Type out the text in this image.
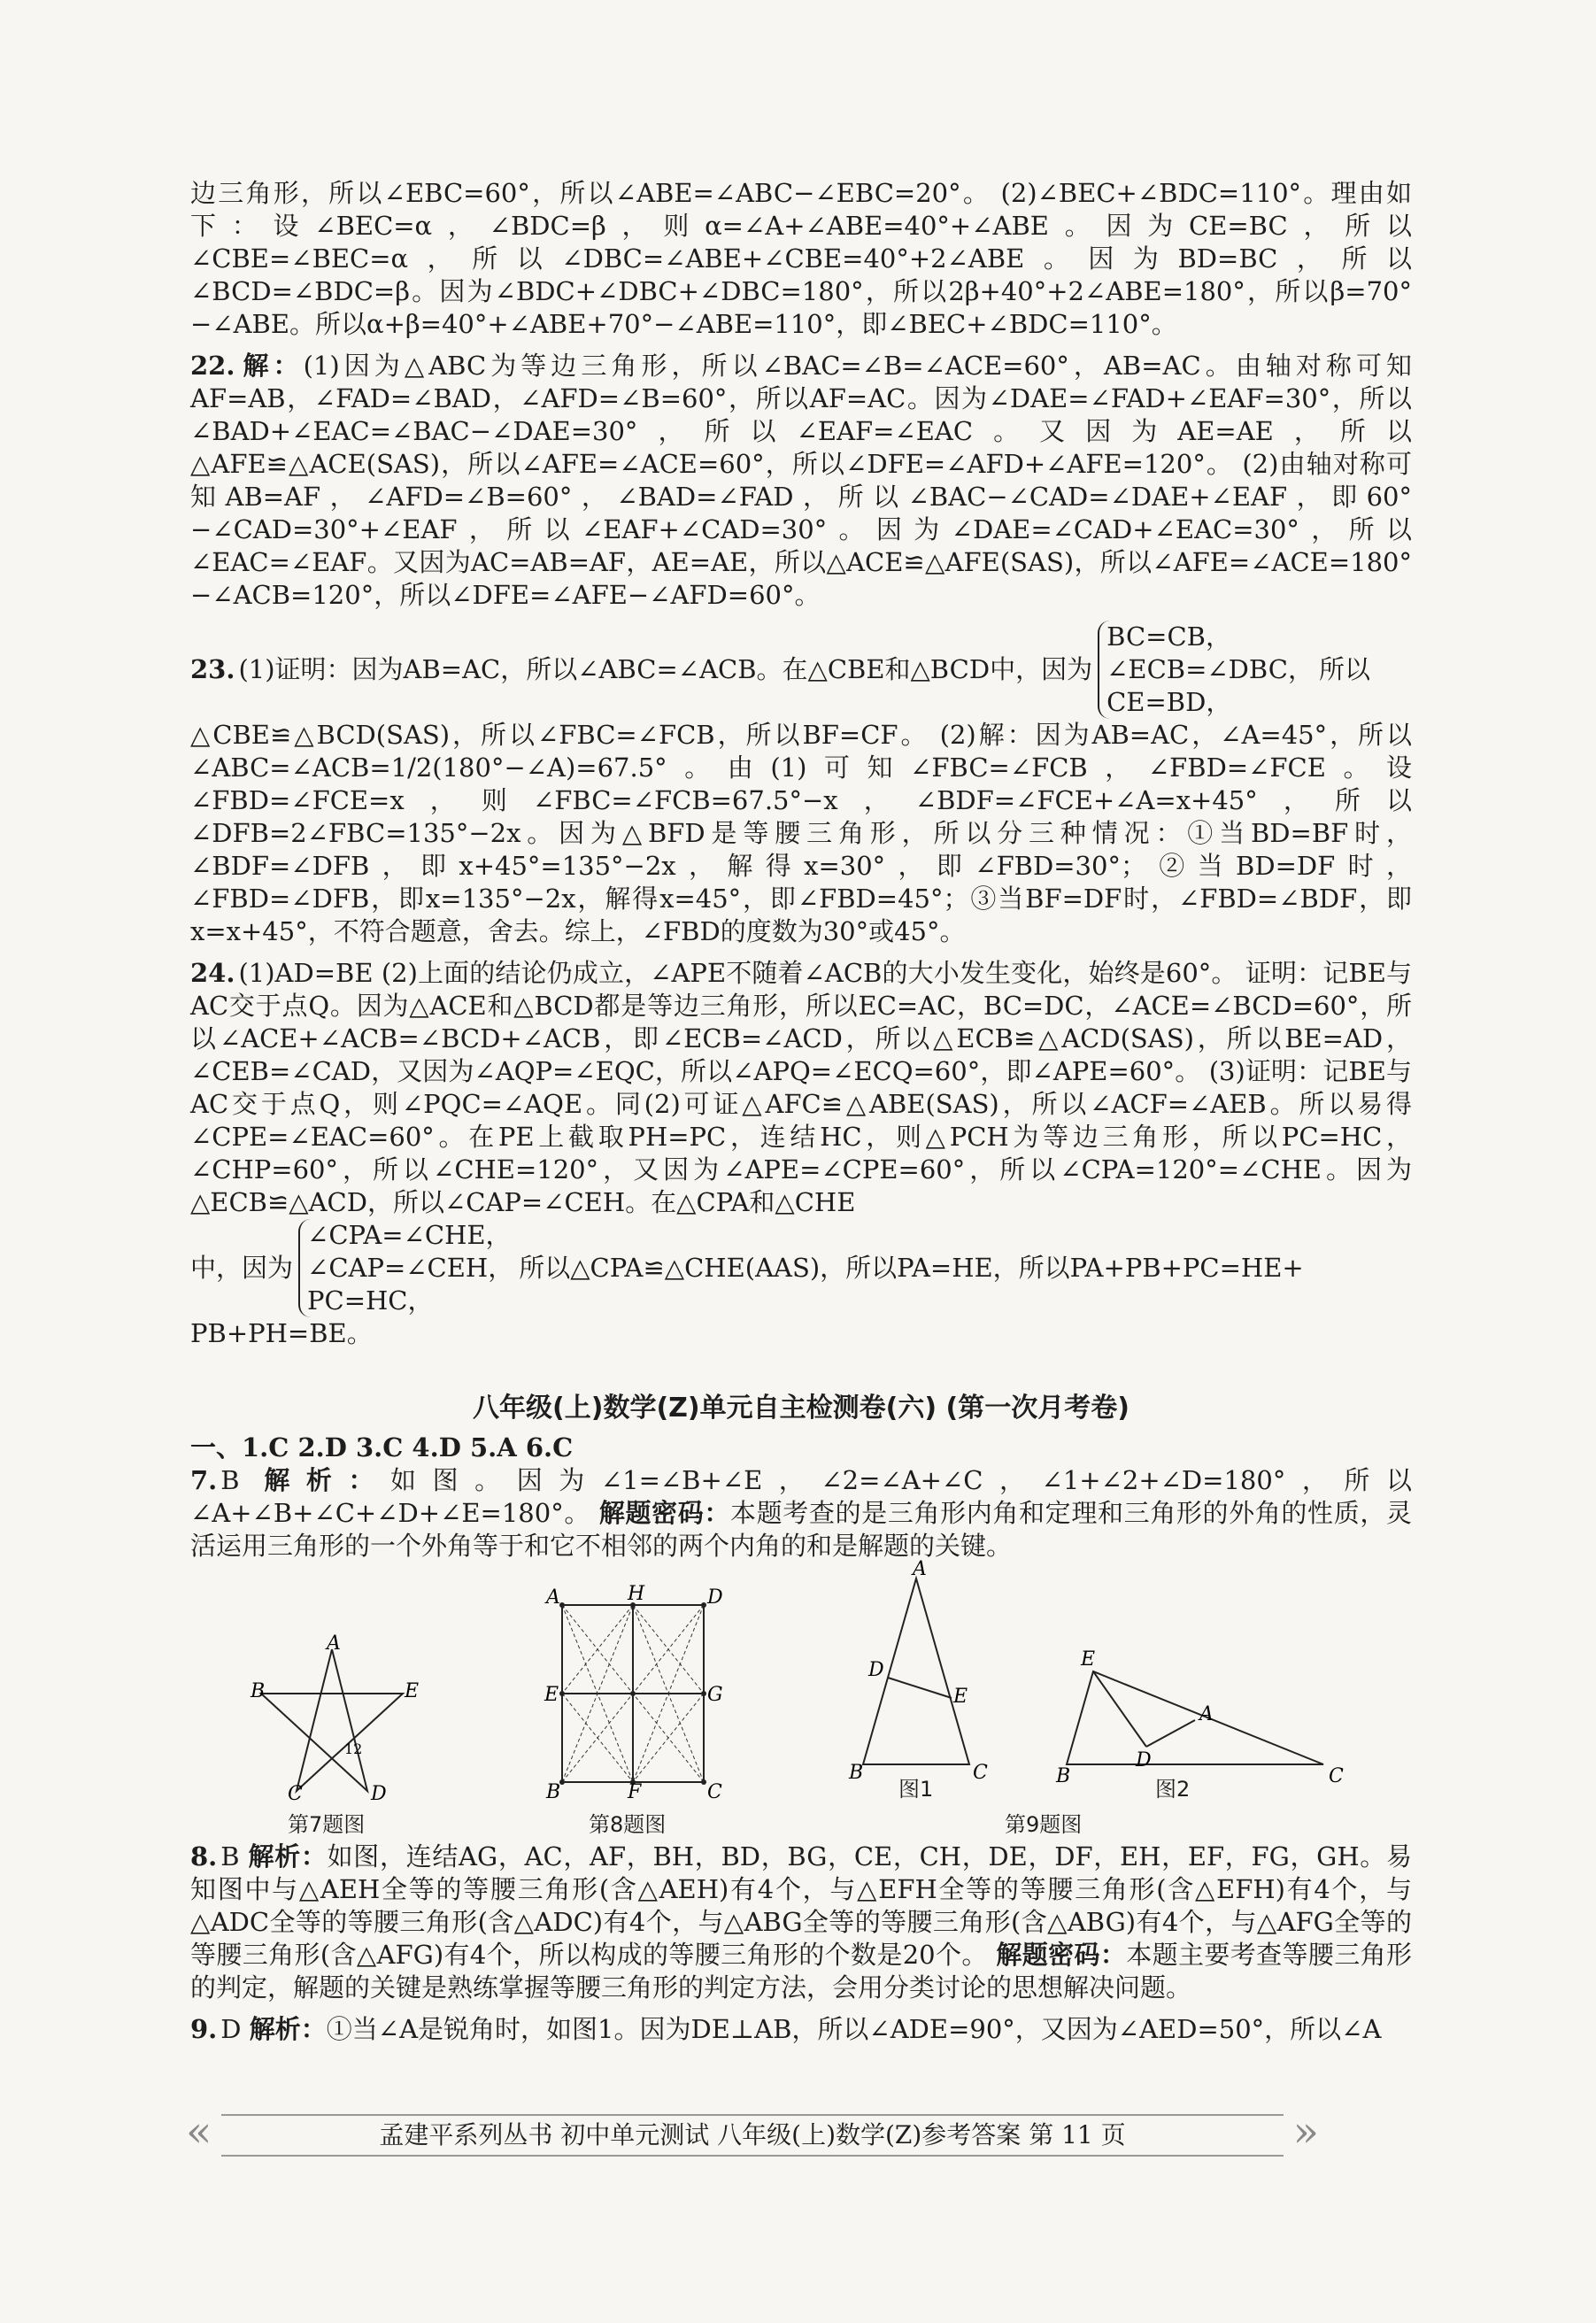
边三角形，所以∠EBC=60°，所以∠ABE=∠ABC−∠EBC=20°。 (2)∠BEC+∠BDC=110°。理由如下：设∠BEC=α，∠BDC=β，则α=∠A+∠ABE=40°+∠ABE。因为CE=BC，所以∠CBE=∠BEC=α，所以∠DBC=∠ABE+∠CBE=40°+2∠ABE。因为BD=BC，所以∠BCD=∠BDC=β。因为∠BDC+∠DBC+∠DBC=180°，所以2β+40°+2∠ABE=180°，所以β=70°−∠ABE。所以α+β=40°+∠ABE+70°−∠ABE=110°，即∠BEC+∠BDC=110°。

22. 解：(1)因为△ABC为等边三角形，所以∠BAC=∠B=∠ACE=60°，AB=AC。由轴对称可知AF=AB，∠FAD=∠BAD，∠AFD=∠B=60°，所以AF=AC。因为∠DAE=∠FAD+∠EAF=30°，所以∠BAD+∠EAC=∠BAC−∠DAE=30°，所以∠EAF=∠EAC。又因为AE=AE，所以△AFE≌△ACE(SAS)，所以∠AFE=∠ACE=60°，所以∠DFE=∠AFD+∠AFE=120°。 (2)由轴对称可知AB=AF，∠AFD=∠B=60°，∠BAD=∠FAD，所以∠BAC−∠CAD=∠DAE+∠EAF，即60°−∠CAD=30°+∠EAF，所以∠EAF+∠CAD=30°。因为∠DAE=∠CAD+∠EAC=30°，所以∠EAC=∠EAF。又因为AC=AB=AF，AE=AE，所以△ACE≌△AFE(SAS)，所以∠AFE=∠ACE=180°−∠ACB=120°，所以∠DFE=∠AFE−∠AFD=60°。

23. (1)证明：因为AB=AC，所以∠ABC=∠ACB。在△CBE和△BCD中，因为
BC=CB，
∠ECB=∠DBC，
CE=BD，
所以

△CBE≌△BCD(SAS)，所以∠FBC=∠FCB，所以BF=CF。 (2)解：因为AB=AC，∠A=45°，所以∠ABC=∠ACB=1/2(180°−∠A)=67.5°。由(1)可知∠FBC=∠FCB，∠FBD=∠FCE。设∠FBD=∠FCE=x，则∠FBC=∠FCB=67.5°−x，∠BDF=∠FCE+∠A=x+45°，所以∠DFB=2∠FBC=135°−2x。因为△BFD是等腰三角形，所以分三种情况：①当BD=BF时，∠BDF=∠DFB，即x+45°=135°−2x，解得x=30°，即∠FBD=30°；②当BD=DF时，∠FBD=∠DFB，即x=135°−2x，解得x=45°，即∠FBD=45°；③当BF=DF时，∠FBD=∠BDF，即x=x+45°，不符合题意，舍去。综上，∠FBD的度数为30°或45°。

24. (1)AD=BE (2)上面的结论仍成立，∠APE不随着∠ACB的大小发生变化，始终是60°。 证明：记BE与AC交于点Q。因为△ACE和△BCD都是等边三角形，所以EC=AC，BC=DC，∠ACE=∠BCD=60°，所以∠ACE+∠ACB=∠BCD+∠ACB，即∠ECB=∠ACD，所以△ECB≌△ACD(SAS)，所以BE=AD，∠CEB=∠CAD，又因为∠AQP=∠EQC，所以∠APQ=∠ECQ=60°，即∠APE=60°。 (3)证明：记BE与AC交于点Q，则∠PQC=∠AQE。同(2)可证△AFC≌△ABE(SAS)，所以∠ACF=∠AEB。所以易得∠CPE=∠EAC=60°。在PE上截取PH=PC，连结HC，则△PCH为等边三角形，所以PC=HC，∠CHP=60°，所以∠CHE=120°，又因为∠APE=∠CPE=60°，所以∠CPA=120°=∠CHE。因为△ECB≌△ACD，所以∠CAP=∠CEH。在△CPA和△CHE

中，因为
∠CPA=∠CHE，
∠CAP=∠CEH，
PC=HC，
所以△CPA≌△CHE(AAS)，所以PA=HE，所以PA+PB+PC=HE+

PB+PH=BE。

八年级(上)数学(Z)单元自主检测卷(六) (第一次月考卷)

一、1.C 2.D 3.C 4.D 5.A 6.C

7. B 解析：如图。因为∠1=∠B+∠E，∠2=∠A+∠C，∠1+∠2+∠D=180°，所以∠A+∠B+∠C+∠D+∠E=180°。 解题密码：本题考查的是三角形内角和定理和三角形的外角的性质，灵活运用三角形的一个外角等于和它不相邻的两个内角的和是解题的关键。

A
B	E
C	D
12
第7题图
A	H	D
E	G
B	F	C
第8题图
A
D
E
B	C
E
A
D
B	C
图1	图2
第9题图

8. B 解析：如图，连结AG，AC，AF，BH，BD，BG，CE，CH，DE，DF，EH，EF，FG，GH。易知图中与△AEH全等的等腰三角形(含△AEH)有4个，与△EFH全等的等腰三角形(含△EFH)有4个，与△ADC全等的等腰三角形(含△ADC)有4个，与△ABG全等的等腰三角形(含△ABG)有4个，与△AFG全等的等腰三角形(含△AFG)有4个，所以构成的等腰三角形的个数是20个。 解题密码：本题主要考查等腰三角形的判定，解题的关键是熟练掌握等腰三角形的判定方法，会用分类讨论的思想解决问题。

9. D 解析：①当∠A是锐角时，如图1。因为DE⊥AB，所以∠ADE=90°，又因为∠AED=50°，所以∠A

«	»
孟建平系列丛书 初中单元测试 八年级(上)数学(Z)参考答案 第 11 页
